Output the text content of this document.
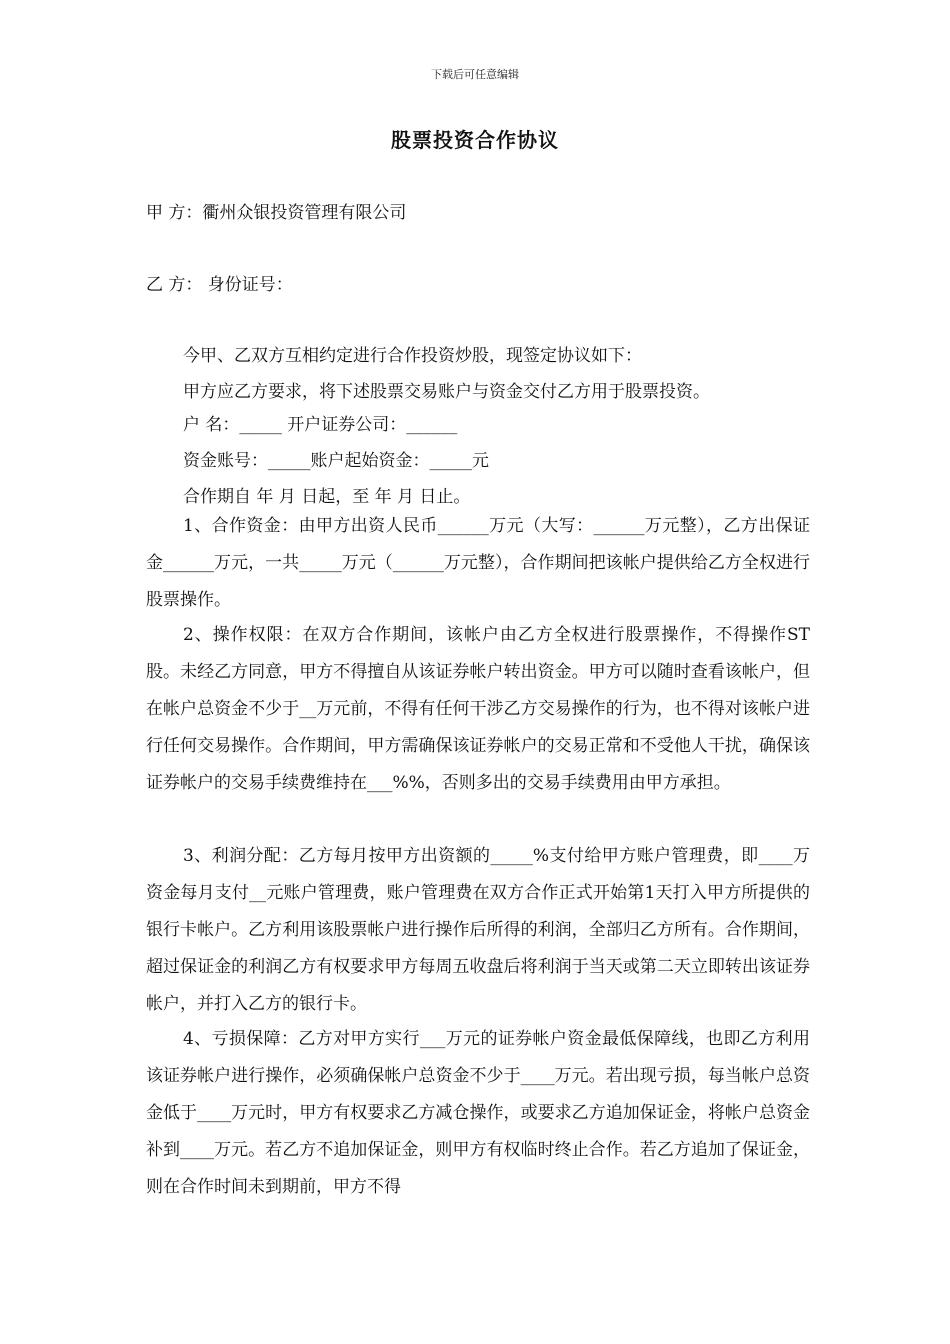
下载后可任意编辑
股票投资合作协议
甲 方：衢州众银投资管理有限公司
乙 方： 身份证号：
今甲、乙双方互相约定进行合作投资炒股，现签定协议如下：
甲方应乙方要求，将下述股票交易账户与资金交付乙方用于股票投资。
户 名：_____ 开户证券公司：______
资金账号：_____账户起始资金：_____元
合作期自 年 月 日起，至 年 月 日止。
1、合作资金：由甲方出资人民币______万元（大写：______万元整），乙方出保证金______万元，一共_____万元（______万元整），合作期间把该帐户提供给乙方全权进行股票操作。
2、操作权限：在双方合作期间，该帐户由乙方全权进行股票操作，不得操作ST股。未经乙方同意，甲方不得擅自从该证券帐户转出资金。甲方可以随时查看该帐户，但在帐户总资金不少于__万元前，不得有任何干涉乙方交易操作的行为，也不得对该帐户进行任何交易操作。合作期间，甲方需确保该证券帐户的交易正常和不受他人干扰，确保该证券帐户的交易手续费维持在___%%，否则多出的交易手续费用由甲方承担。
3、利润分配：乙方每月按甲方出资额的_____%支付给甲方账户管理费，即____万资金每月支付__元账户管理费，账户管理费在双方合作正式开始第1天打入甲方所提供的银行卡帐户。乙方利用该股票帐户进行操作后所得的利润，全部归乙方所有。合作期间，超过保证金的利润乙方有权要求甲方每周五收盘后将利润于当天或第二天立即转出该证券帐户，并打入乙方的银行卡。
4、亏损保障：乙方对甲方实行___万元的证券帐户资金最低保障线，也即乙方利用该证券帐户进行操作，必须确保帐户总资金不少于____万元。若出现亏损，每当帐户总资金低于____万元时，甲方有权要求乙方减仓操作，或要求乙方追加保证金，将帐户总资金补到____万元。若乙方不追加保证金，则甲方有权临时终止合作。若乙方追加了保证金，则在合作时间未到期前，甲方不得
